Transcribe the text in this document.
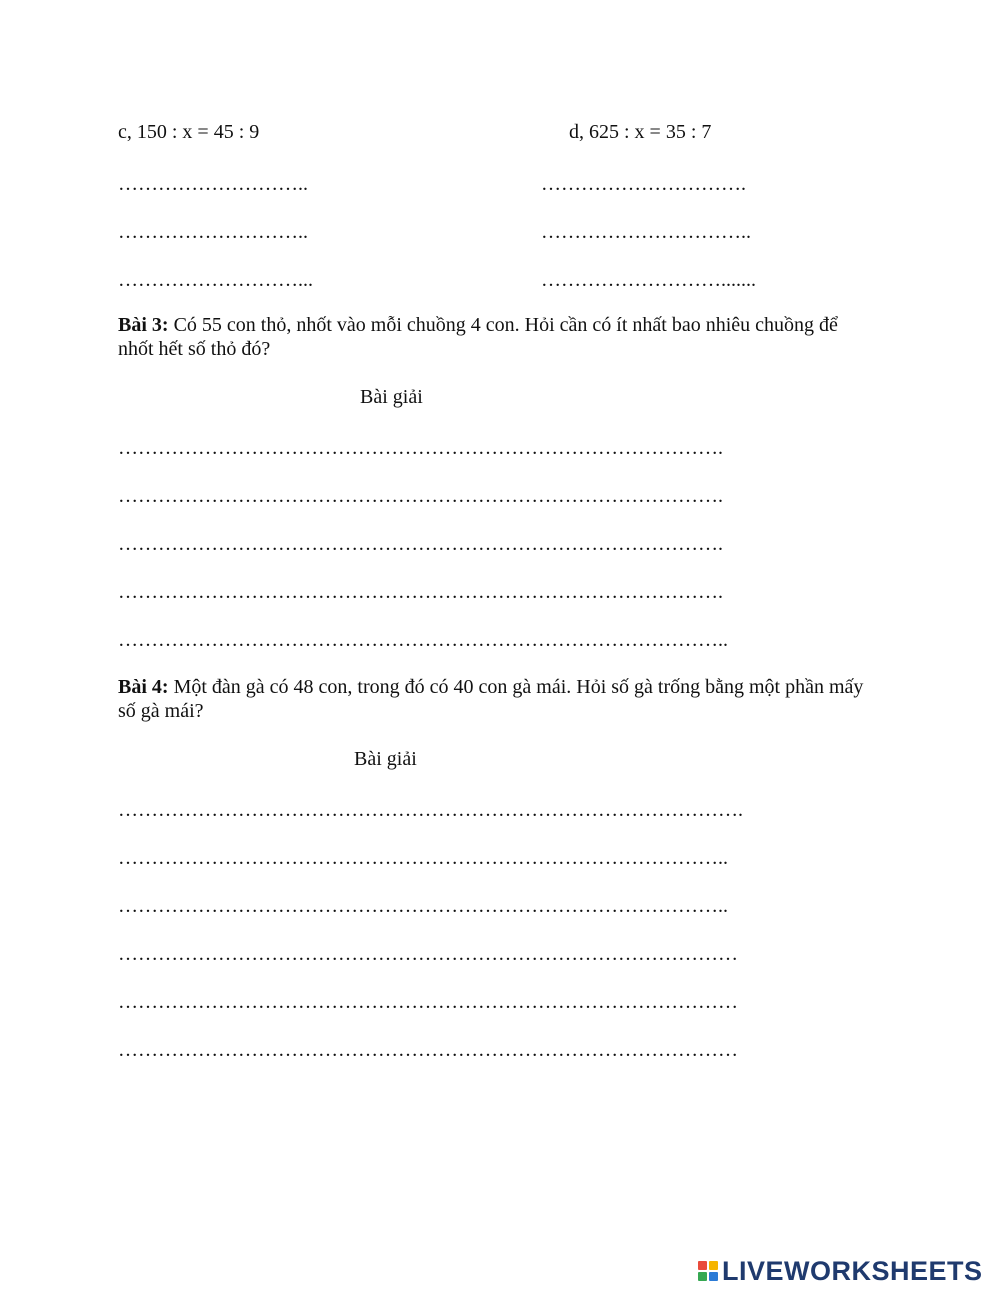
c, 150 : x = 45 : 9	d, 625 : x = 35 : 7
………………………..
………………………..
………………………...
………………………….
…………………………..
……………………….......
Bài 3: Có 55 con thỏ, nhốt vào mỗi chuồng 4 con. Hỏi cần có ít nhất bao nhiêu chuồng để nhốt hết số thỏ đó?
Bài giải
……………………………………………………………………………….
……………………………………………………………………………….
……………………………………………………………………………….
……………………………………………………………………………….
………………………………………………………………………………..
Bài 4: Một đàn gà có 48 con, trong đó có 40 con gà mái. Hỏi số gà trống bằng một phần mấy số gà mái?
Bài giải
………………………………………………………………………………….
………………………………………………………………………………..
………………………………………………………………………………..
…………………………………………………………………………………
…………………………………………………………………………………
…………………………………………………………………………………
LIVEWORKSHEETS
